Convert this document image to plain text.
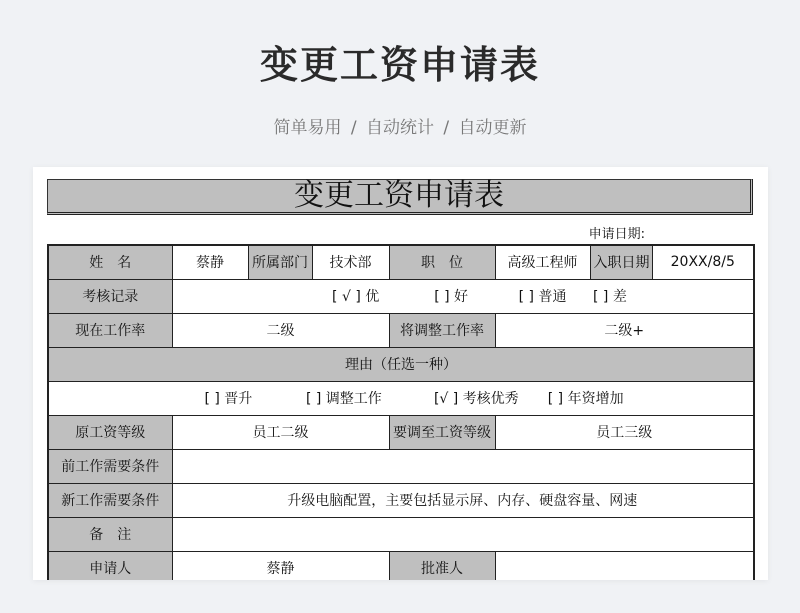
变更工资申请表
简单易用 / 自动统计 / 自动更新
变更工资申请表
申请日期:
姓　名	蔡静	所属部门	技术部	职　位	高级工程师	入职日期	20XX/8/5
考核记录	[ √ ] 优 [ ] 好 [ ] 普通 [ ] 差						
现在工作率	二级			将调整工作率	二级+		
理由（任选一种）							
[ ] 晋升 [ ] 调整工作 [√ ] 考核优秀 [ ] 年资增加							
原工资等级	员工二级			要调至工资等级	员工三级		
前工作需要条件							
新工作需要条件	升级电脑配置，主要包括显示屏、内存、硬盘容量、网速						
备　注							
申请人	蔡静			批准人			
